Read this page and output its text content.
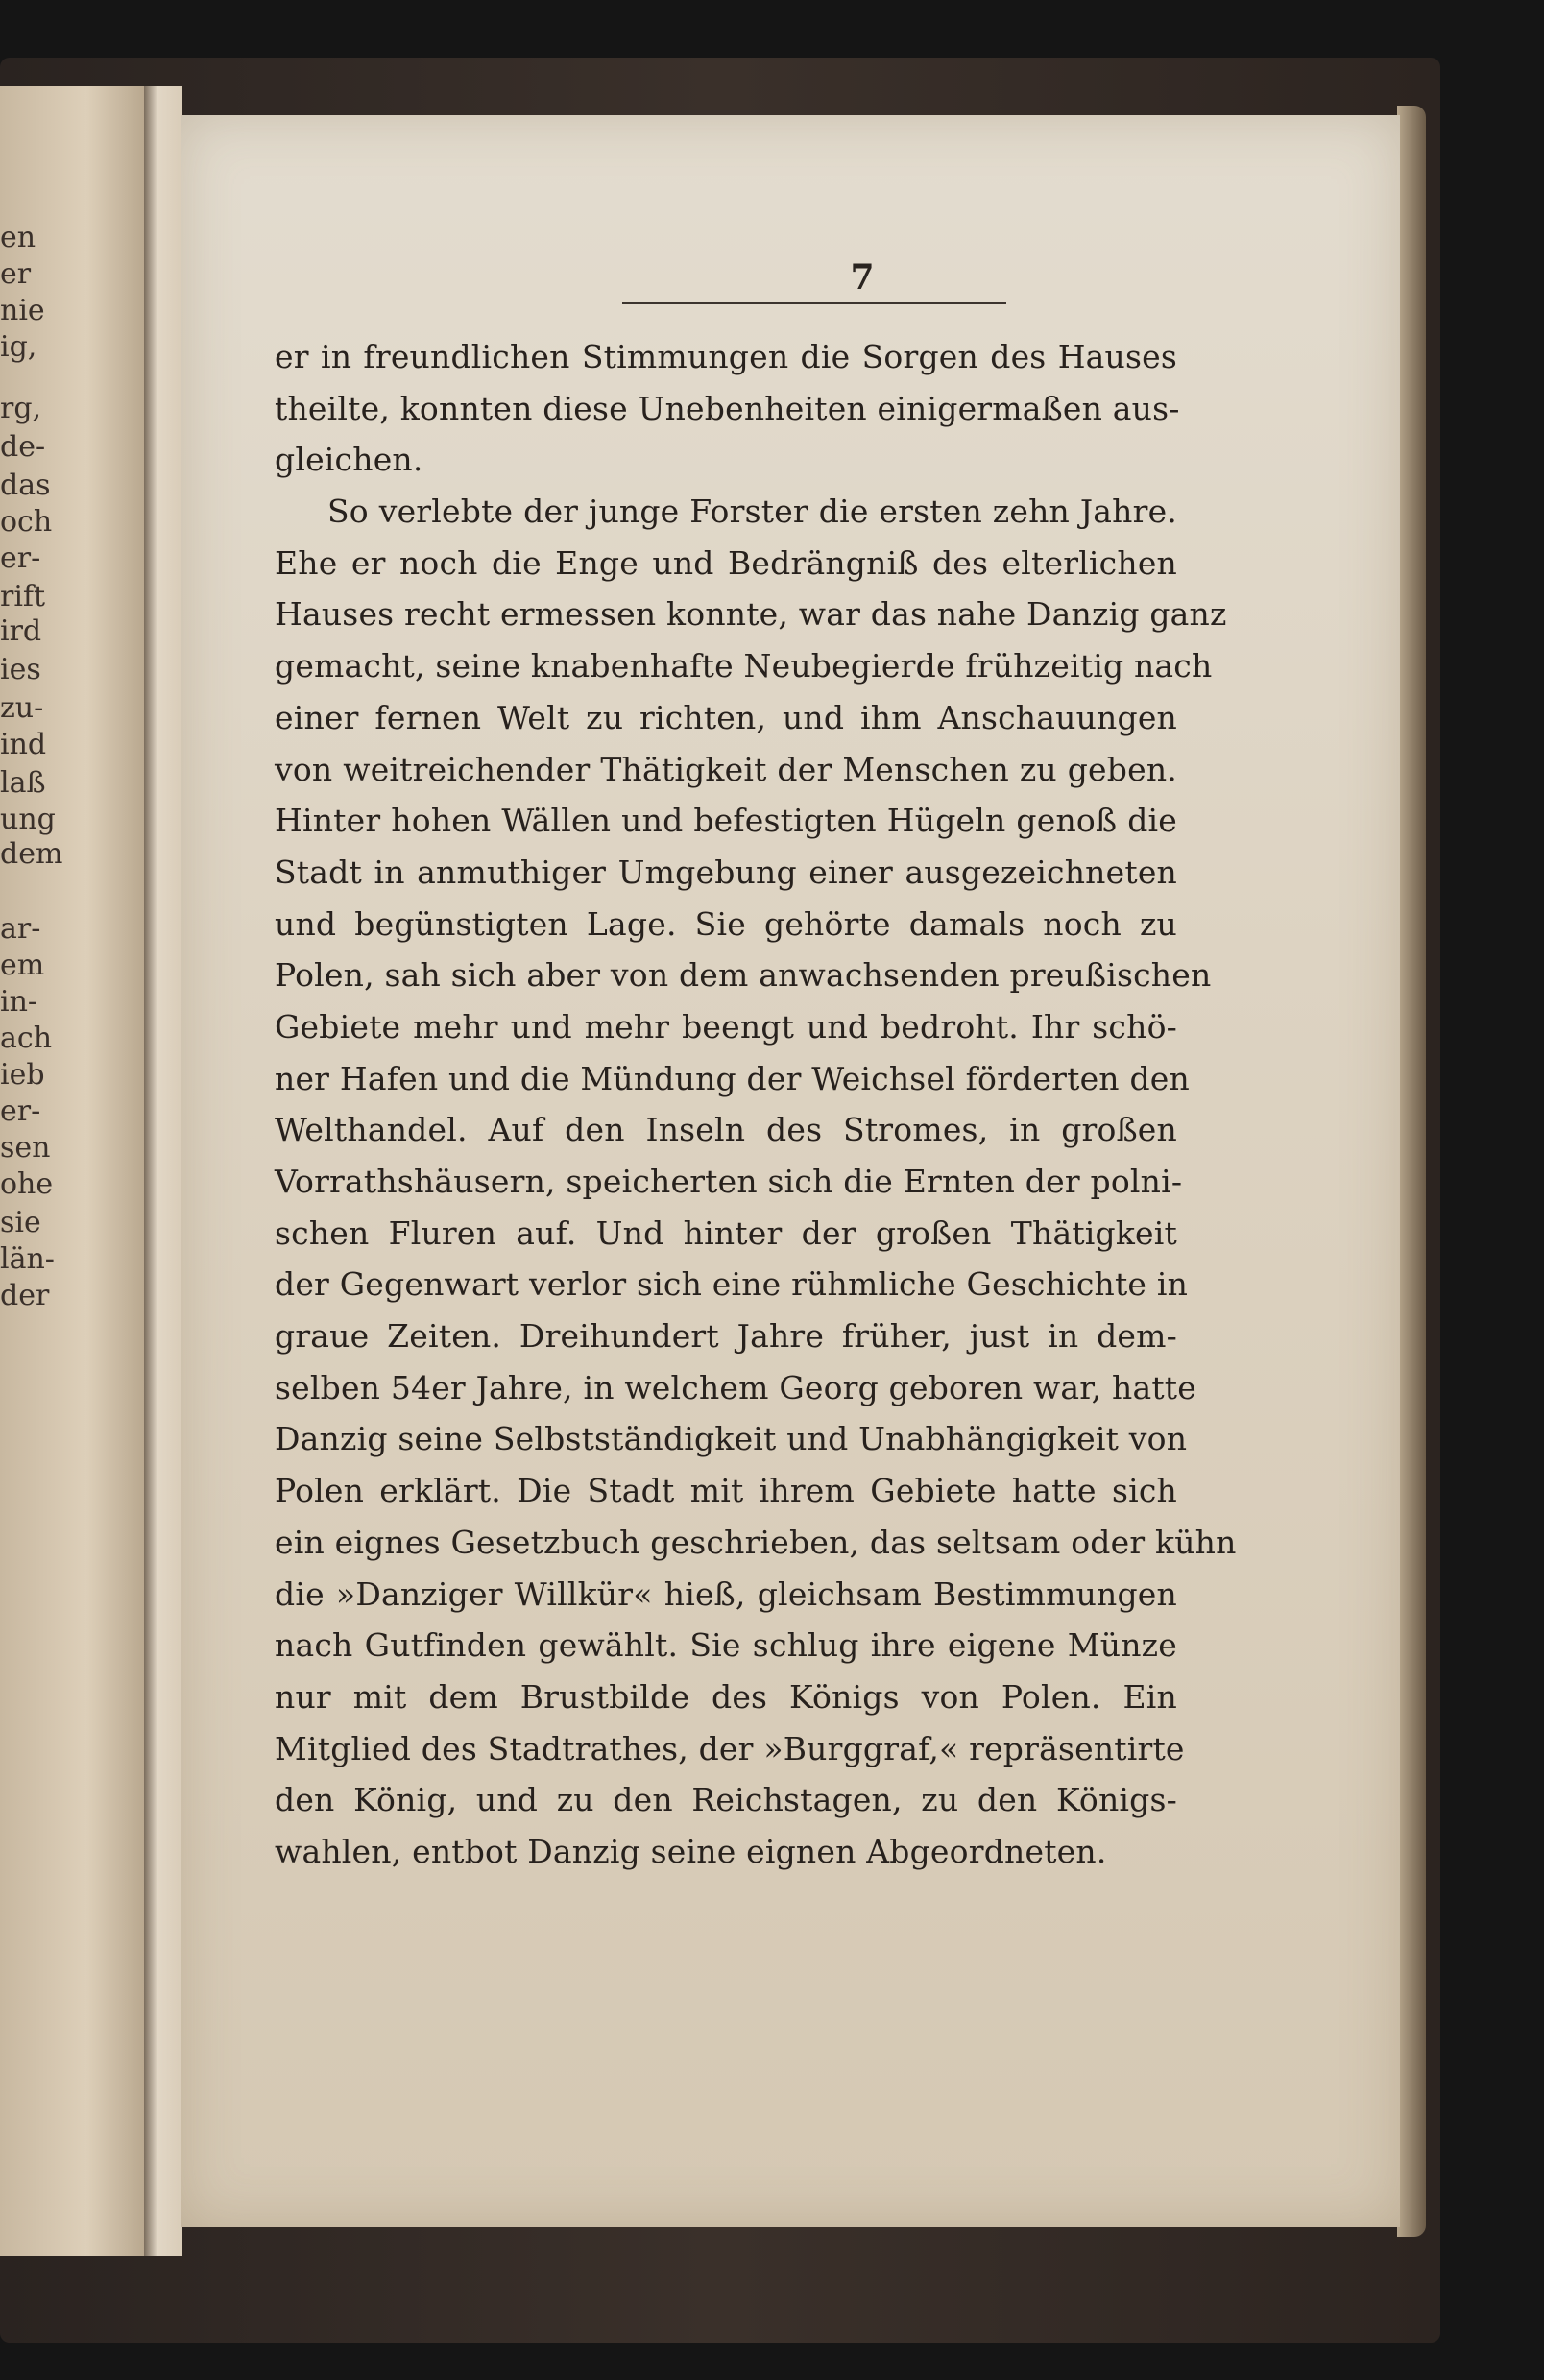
en
er
nie
ig,
rg,
de-
das
och
er-
rift
ird
ies
zu-
ind
laß
ung
dem
ar-
em
in-
ach
ieb
er-
sen
ohe
sie
län-
der
7
er in freundlichen Stimmungen die Sorgen des Hauses
theilte, konnten diese Unebenheiten einigermaßen aus-
gleichen.
So verlebte der junge Forster die ersten zehn Jahre.
Ehe er noch die Enge und Bedrängniß des elterlichen
Hauses recht ermessen konnte, war das nahe Danzig ganz
gemacht, seine knabenhafte Neubegierde frühzeitig nach
einer fernen Welt zu richten, und ihm Anschauungen
von weitreichender Thätigkeit der Menschen zu geben.
Hinter hohen Wällen und befestigten Hügeln genoß die
Stadt in anmuthiger Umgebung einer ausgezeichneten
und begünstigten Lage. Sie gehörte damals noch zu
Polen, sah sich aber von dem anwachsenden preußischen
Gebiete mehr und mehr beengt und bedroht. Ihr schö-
ner Hafen und die Mündung der Weichsel förderten den
Welthandel. Auf den Inseln des Stromes, in großen
Vorrathshäusern, speicherten sich die Ernten der polni-
schen Fluren auf. Und hinter der großen Thätigkeit
der Gegenwart verlor sich eine rühmliche Geschichte in
graue Zeiten. Dreihundert Jahre früher, just in dem-
selben 54er Jahre, in welchem Georg geboren war, hatte
Danzig seine Selbstständigkeit und Unabhängigkeit von
Polen erklärt. Die Stadt mit ihrem Gebiete hatte sich
ein eignes Gesetzbuch geschrieben, das seltsam oder kühn
die »Danziger Willkür« hieß, gleichsam Bestimmungen
nach Gutfinden gewählt. Sie schlug ihre eigene Münze
nur mit dem Brustbilde des Königs von Polen. Ein
Mitglied des Stadtrathes, der »Burggraf,« repräsentirte
den König, und zu den Reichstagen, zu den Königs-
wahlen, entbot Danzig seine eignen Abgeordneten.
